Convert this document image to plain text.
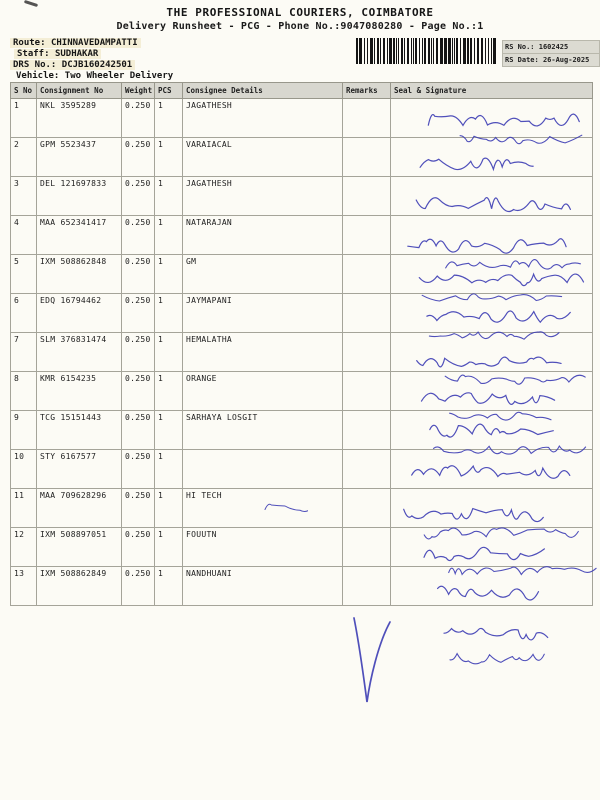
THE PROFESSIONAL COURIERS, COIMBATORE
Delivery Runsheet - PCG - Phone No.:9047080280 - Page No.:1
Route: CHINNAVEDAMPATTI
Staff: SUDHAKAR
DRS No.: DCJB160242501
Vehicle: Two Wheeler Delivery
RS No.: 1602425
RS Date: 26-Aug-2025
S No	Consignment No	Weight	PCS	Consignee Details	Remarks	Seal & Signature
1	NKL 3595289	0.250	1	JAGATHESH		

2	GPM 5523437	0.250	1	VARAIACAL		

3	DEL 121697833	0.250	1	JAGATHESH		

4	MAA 652341417	0.250	1	NATARAJAN		

5	IXM 508862848	0.250	1	GM		

6	EDQ 16794462	0.250	1	JAYMAPANI		

7	SLM 376831474	0.250	1	HEMALATHA		

8	KMR 6154235	0.250	1	ORANGE		

9	TCG 15151443	0.250	1	SARHAYA LOSGIT		

10	STY 6167577	0.250	1			

11	MAA 709628296	0.250	1	HI TECH		

12	IXM 508897051	0.250	1	FOUUTN		

13	IXM 508862849	0.250	1	NANDHUANI		
